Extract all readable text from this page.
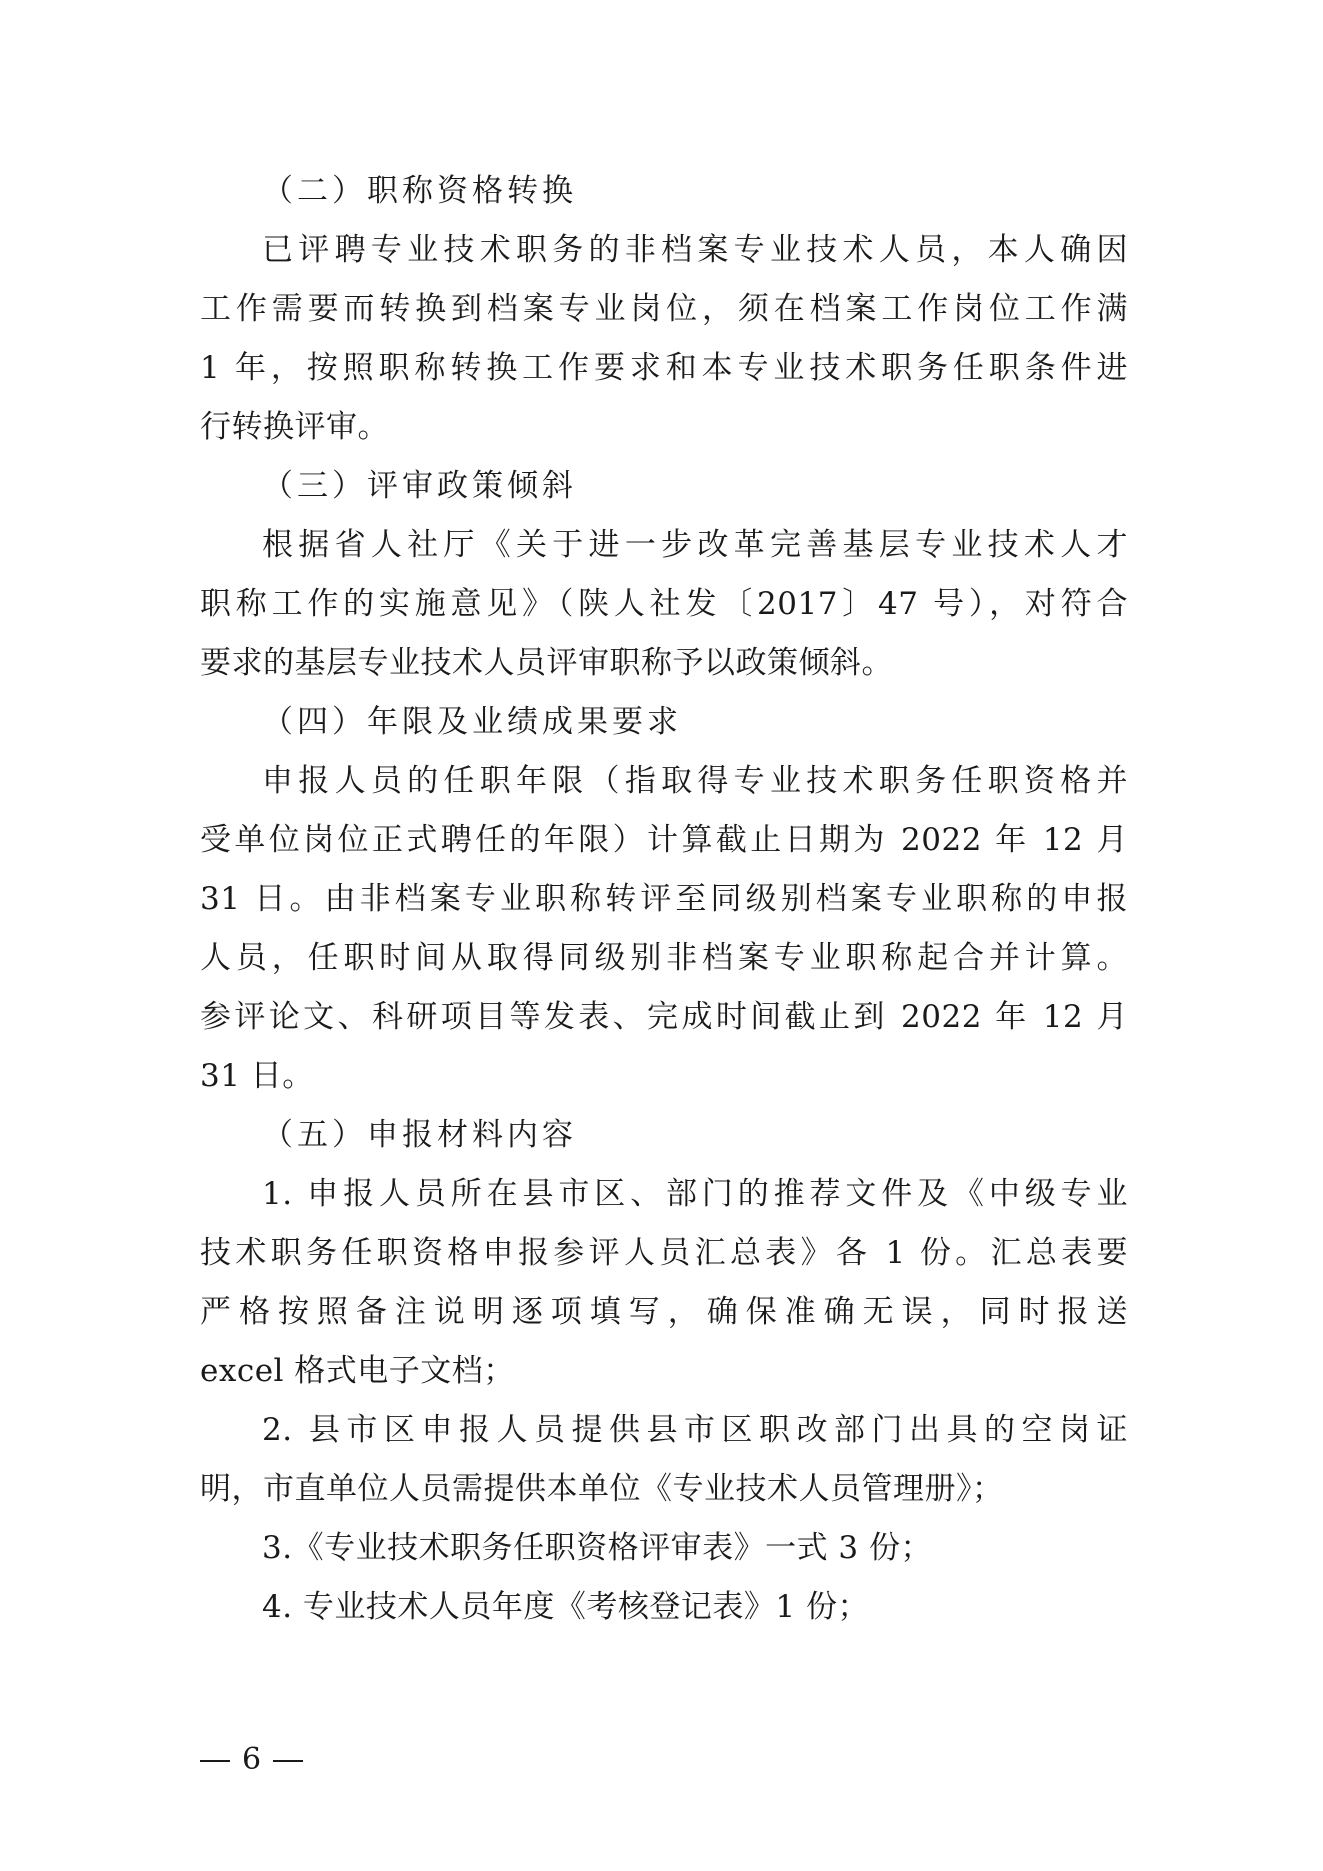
（二）职称资格转换
已评聘专业技术职务的非档案专业技术人员，本人确因
工作需要而转换到档案专业岗位，须在档案工作岗位工作满
1 年，按照职称转换工作要求和本专业技术职务任职条件进
行转换评审。
（三）评审政策倾斜
根据省人社厅《关于进一步改革完善基层专业技术人才
职称工作的实施意见》（陕人社发〔2017〕47 号），对符合
要求的基层专业技术人员评审职称予以政策倾斜。
（四）年限及业绩成果要求
申报人员的任职年限（指取得专业技术职务任职资格并
受单位岗位正式聘任的年限）计算截止日期为 2022 年 12 月
31 日。由非档案专业职称转评至同级别档案专业职称的申报
人员，任职时间从取得同级别非档案专业职称起合并计算。
参评论文、科研项目等发表、完成时间截止到 2022 年 12 月
31 日。
（五）申报材料内容
1. 申报人员所在县市区、部门的推荐文件及《中级专业
技术职务任职资格申报参评人员汇总表》各 1 份。汇总表要
严格按照备注说明逐项填写，确保准确无误，同时报送
excel 格式电子文档；
2. 县市区申报人员提供县市区职改部门出具的空岗证
明，市直单位人员需提供本单位《专业技术人员管理册》；
3.《专业技术职务任职资格评审表》一式 3 份；
4. 专业技术人员年度《考核登记表》1 份；
6
